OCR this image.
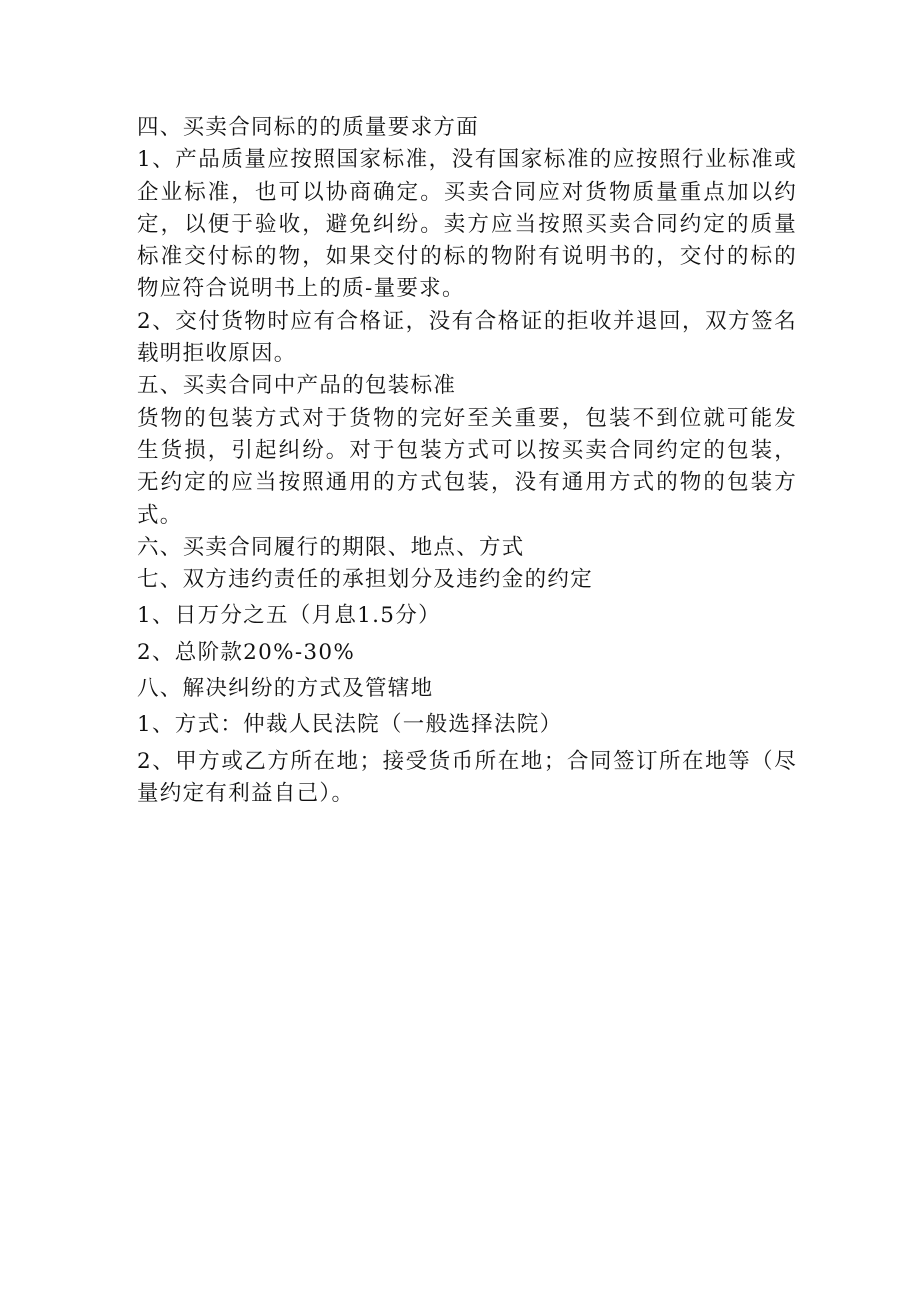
四、买卖合同标的的质量要求方面

1、产品质量应按照国家标准，没有国家标准的应按照行业标准或企业标准，也可以协商确定。买卖合同应对货物质量重点加以约定，以便于验收，避免纠纷。卖方应当按照买卖合同约定的质量标准交付标的物，如果交付的标的物附有说明书的，交付的标的物应符合说明书上的质-量要求。

2、交付货物时应有合格证，没有合格证的拒收并退回，双方签名载明拒收原因。

五、买卖合同中产品的包装标准

货物的包装方式对于货物的完好至关重要，包装不到位就可能发生货损，引起纠纷。对于包装方式可以按买卖合同约定的包装，无约定的应当按照通用的方式包装，没有通用方式的物的包装方式。

六、买卖合同履行的期限、地点、方式

七、双方违约责任的承担划分及违约金的约定

1、日万分之五（月息1.5分）

2、总阶款20%-30%

八、解决纠纷的方式及管辖地

1、方式：仲裁人民法院（一般选择法院）

2、甲方或乙方所在地；接受货币所在地；合同签订所在地等（尽量约定有利益自己）。
